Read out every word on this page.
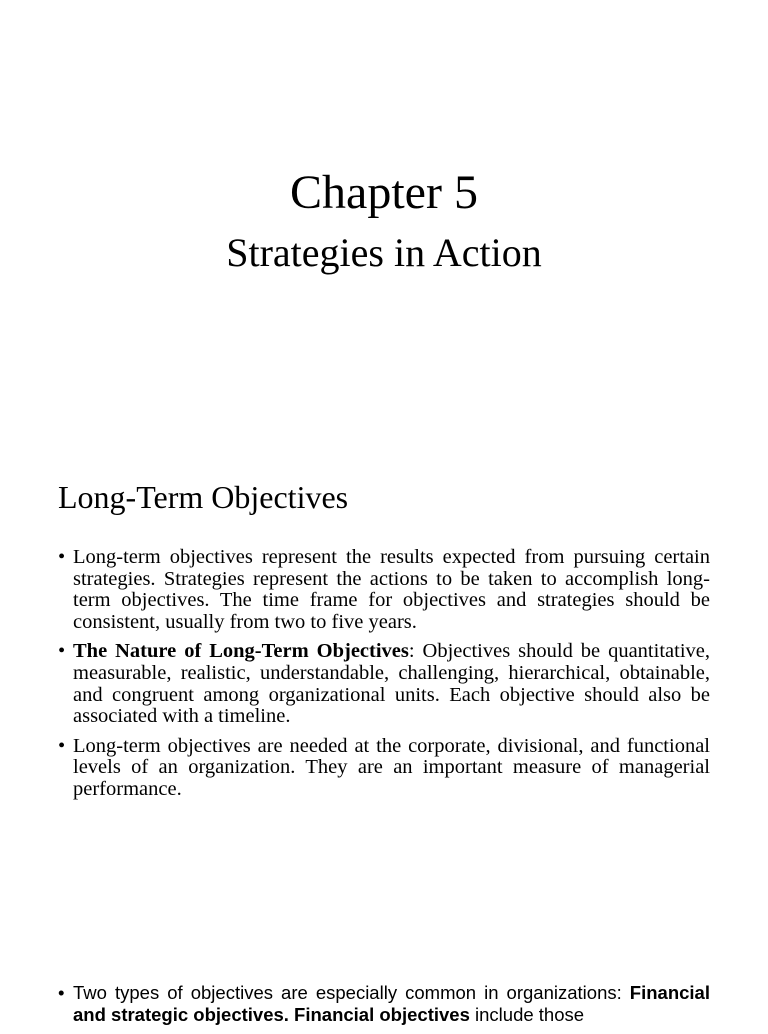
Chapter 5
Strategies in Action
Long-Term Objectives
• Long-term objectives represent the results expected from pursuing certain strategies. Strategies represent the actions to be taken to accomplish long-term objectives. The time frame for objectives and strategies should be consistent, usually from two to five years.
• The Nature of Long-Term Objectives: Objectives should be quantitative, measurable, realistic, understandable, challenging, hierarchical, obtainable, and congruent among organizational units. Each objective should also be associated with a timeline.
• Long-term objectives are needed at the corporate, divisional, and functional levels of an organization. They are an important measure of managerial performance.
• Two types of objectives are especially common in organizations: Financial and strategic objectives. Financial objectives include those
